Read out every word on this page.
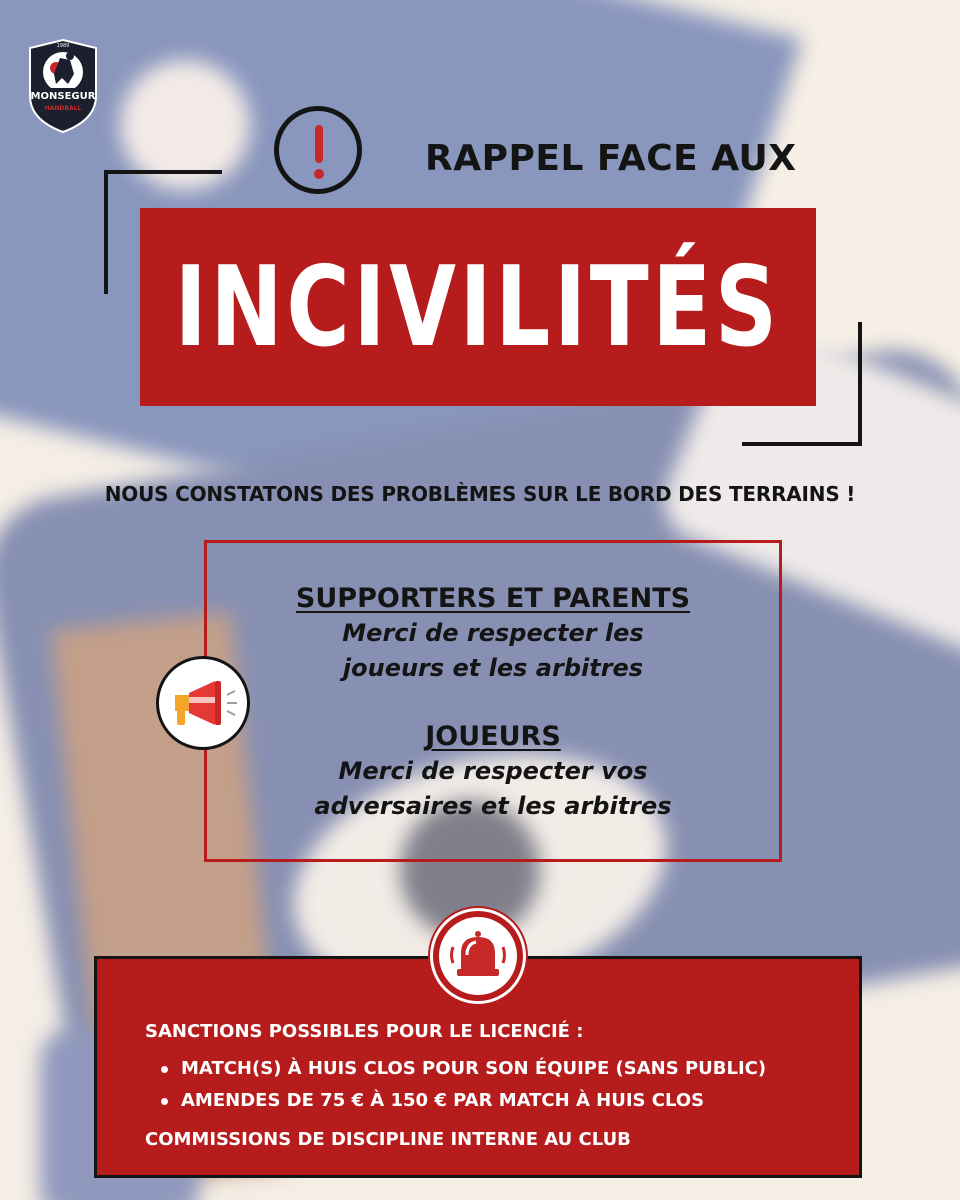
MONSEGUR
HANDBALL
1989
RAPPEL FACE AUX
INCIVILITÉS
NOUS CONSTATONS DES PROBLÈMES SUR LE BORD DES TERRAINS !
SUPPORTERS ET PARENTS
Merci de respecter les
joueurs et les arbitres
JOUEURS
Merci de respecter vos
adversaires et les arbitres
SANCTIONS POSSIBLES POUR LE LICENCIÉ :
MATCH(S) À HUIS CLOS POUR SON ÉQUIPE (SANS PUBLIC)
AMENDES DE 75 € À 150 € PAR MATCH À HUIS CLOS
COMMISSIONS DE DISCIPLINE INTERNE AU CLUB
